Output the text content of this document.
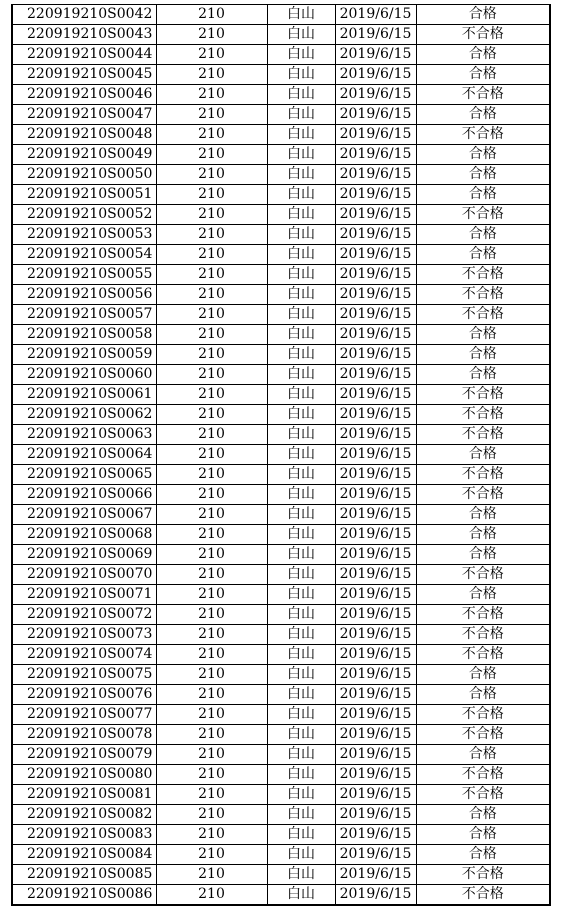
220919210S0042	210	白山	2019/6/15	合格
220919210S0043	210	白山	2019/6/15	不合格
220919210S0044	210	白山	2019/6/15	合格
220919210S0045	210	白山	2019/6/15	合格
220919210S0046	210	白山	2019/6/15	不合格
220919210S0047	210	白山	2019/6/15	合格
220919210S0048	210	白山	2019/6/15	不合格
220919210S0049	210	白山	2019/6/15	合格
220919210S0050	210	白山	2019/6/15	合格
220919210S0051	210	白山	2019/6/15	合格
220919210S0052	210	白山	2019/6/15	不合格
220919210S0053	210	白山	2019/6/15	合格
220919210S0054	210	白山	2019/6/15	合格
220919210S0055	210	白山	2019/6/15	不合格
220919210S0056	210	白山	2019/6/15	不合格
220919210S0057	210	白山	2019/6/15	不合格
220919210S0058	210	白山	2019/6/15	合格
220919210S0059	210	白山	2019/6/15	合格
220919210S0060	210	白山	2019/6/15	合格
220919210S0061	210	白山	2019/6/15	不合格
220919210S0062	210	白山	2019/6/15	不合格
220919210S0063	210	白山	2019/6/15	不合格
220919210S0064	210	白山	2019/6/15	合格
220919210S0065	210	白山	2019/6/15	不合格
220919210S0066	210	白山	2019/6/15	不合格
220919210S0067	210	白山	2019/6/15	合格
220919210S0068	210	白山	2019/6/15	合格
220919210S0069	210	白山	2019/6/15	合格
220919210S0070	210	白山	2019/6/15	不合格
220919210S0071	210	白山	2019/6/15	合格
220919210S0072	210	白山	2019/6/15	不合格
220919210S0073	210	白山	2019/6/15	不合格
220919210S0074	210	白山	2019/6/15	不合格
220919210S0075	210	白山	2019/6/15	合格
220919210S0076	210	白山	2019/6/15	合格
220919210S0077	210	白山	2019/6/15	不合格
220919210S0078	210	白山	2019/6/15	不合格
220919210S0079	210	白山	2019/6/15	合格
220919210S0080	210	白山	2019/6/15	不合格
220919210S0081	210	白山	2019/6/15	不合格
220919210S0082	210	白山	2019/6/15	合格
220919210S0083	210	白山	2019/6/15	合格
220919210S0084	210	白山	2019/6/15	合格
220919210S0085	210	白山	2019/6/15	不合格
220919210S0086	210	白山	2019/6/15	不合格
